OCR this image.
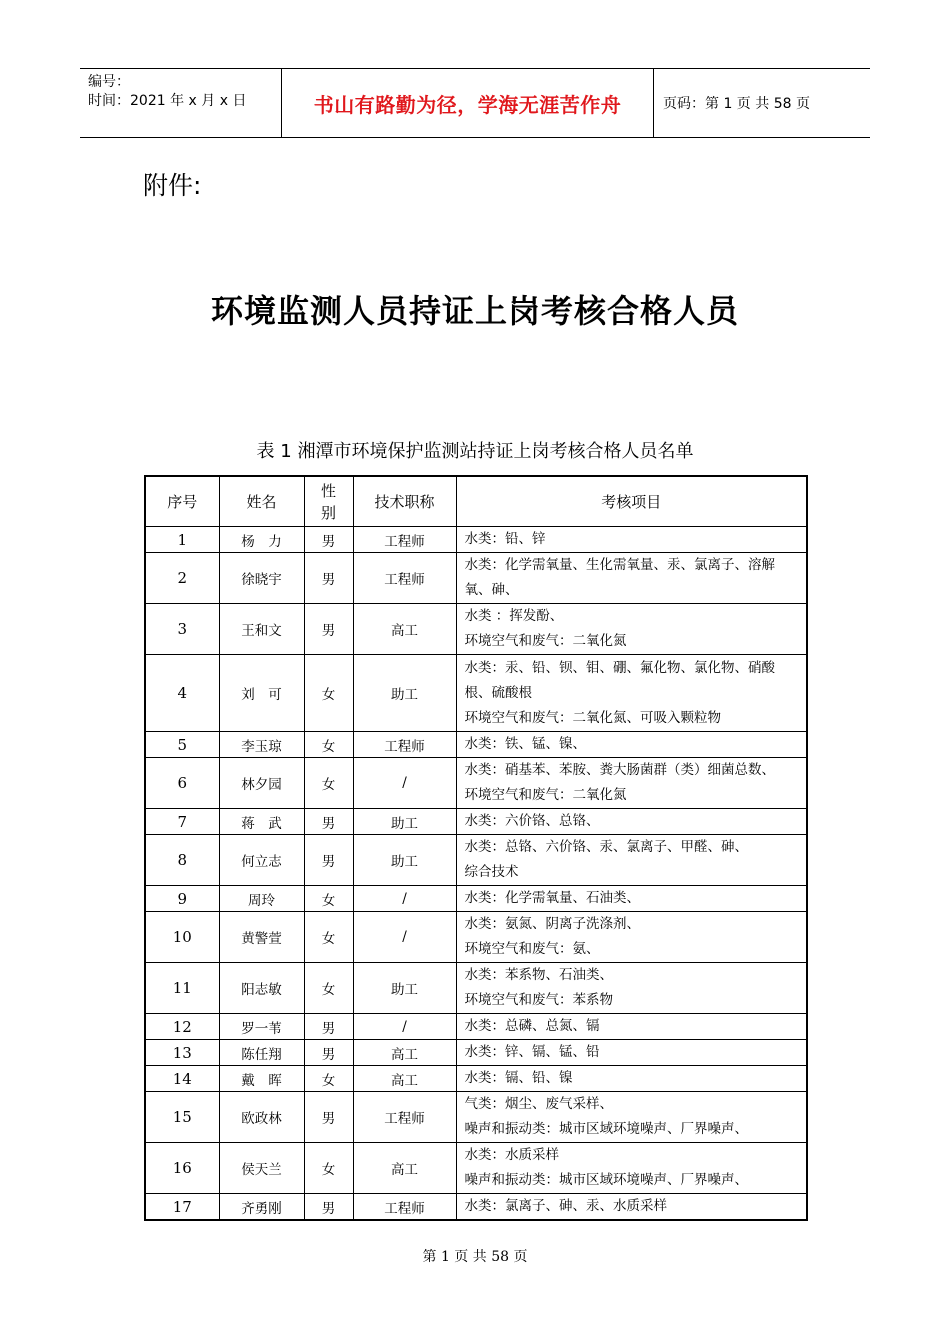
编号：
时间：2021 年 x 月 x 日	书山有路勤为径，学海无涯苦作舟	页码：第 1 页 共 58 页
附件:
环境监测人员持证上岗考核合格人员
表 1 湘潭市环境保护监测站持证上岗考核合格人员名单
序号	姓名	性别	技术职称	考核项目
1	杨　力	男	工程师	水类：铅、锌

2	徐晓宇	男	工程师	水类：化学需氧量、生化需氧量、汞、氯离子、溶解氧、砷、

3	王和文	男	高工	水类 ：挥发酚、
环境空气和废气：二氧化氮

4	刘　可	女	助工	水类：汞、铅、钡、钼、硼、氟化物、氯化物、硝酸根、硫酸根
环境空气和废气：二氧化氮、可吸入颗粒物

5	李玉琼	女	工程师	水类：铁、锰、镍、

6	林夕园	女	/	水类：硝基苯、苯胺、粪大肠菌群（类）细菌总数、
环境空气和废气：二氧化氮

7	蒋　武	男	助工	水类：六价铬、总铬、

8	何立志	男	助工	水类：总铬、六价铬、汞、氯离子、甲醛、砷、
综合技术

9	周玲	女	/	水类：化学需氧量、石油类、

10	黄警萱	女	/	水类：氨氮、阴离子洗涤剂、
环境空气和废气：氨、

11	阳志敏	女	助工	水类：苯系物、石油类、
环境空气和废气：苯系物

12	罗一苇	男	/	水类：总磷、总氮、镉

13	陈任翔	男	高工	水类：锌、镉、锰、铅

14	戴　晖	女	高工	水类：镉、铅、镍

15	欧政林	男	工程师	气类：烟尘、废气采样、
噪声和振动类：城市区域环境噪声、厂界噪声、

16	侯天兰	女	高工	水类：水质采样
噪声和振动类：城市区域环境噪声、厂界噪声、

17	齐勇刚	男	工程师	水类：氯离子、砷、汞、水质采样
第 1 页 共 58 页
